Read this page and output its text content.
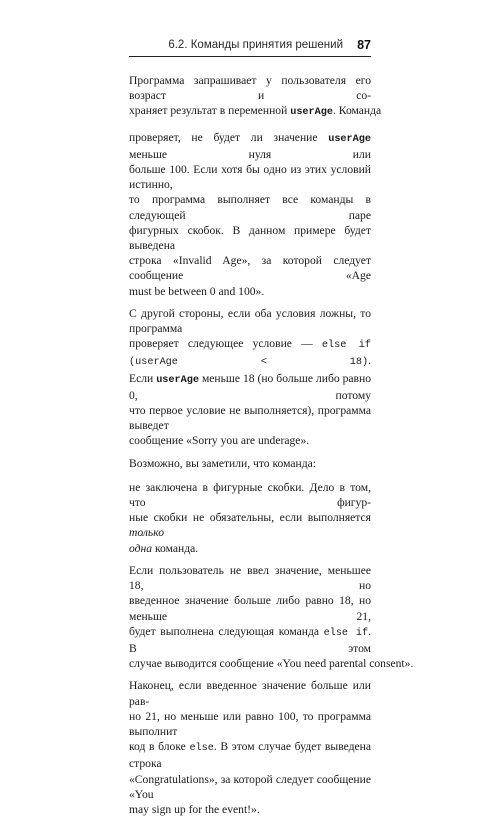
6.2. Команды принятия решений 87

Программа запрашивает у пользователя его возраст и со-
храняет результат в переменной userAge. Команда

проверяет, не будет ли значение userAge меньше нуля или
больше 100. Если хотя бы одно из этих условий истинно,
то программа выполняет все команды в следующей паре
фигурных скобок. В данном примере будет выведена
строка «Invalid Age», за которой следует сообщение «Age
must be between 0 and 100».

С другой стороны, если оба условия ложны, то программа
проверяет следующее условие — else if (userAge < 18).
Если userAge меньше 18 (но больше либо равно 0, потому
что первое условие не выполняется), программа выведет
сообщение «Sorry you are underage».

Возможно, вы заметили, что команда:

не заключена в фигурные скобки. Дело в том, что фигур-
ные скобки не обязательны, если выполняется только
одна команда.

Если пользователь не ввел значение, меньшее 18, но
введенное значение больше либо равно 18, но меньше 21,
будет выполнена следующая команда else if. В этом
случае выводится сообщение «You need parental consent».

Наконец, если введенное значение больше или рав-
но 21, но меньше или равно 100, то программа выполнит
код в блоке else. В этом случае будет выведена строка
«Congratulations», за которой следует сообщение «You
may sign up for the event!».
